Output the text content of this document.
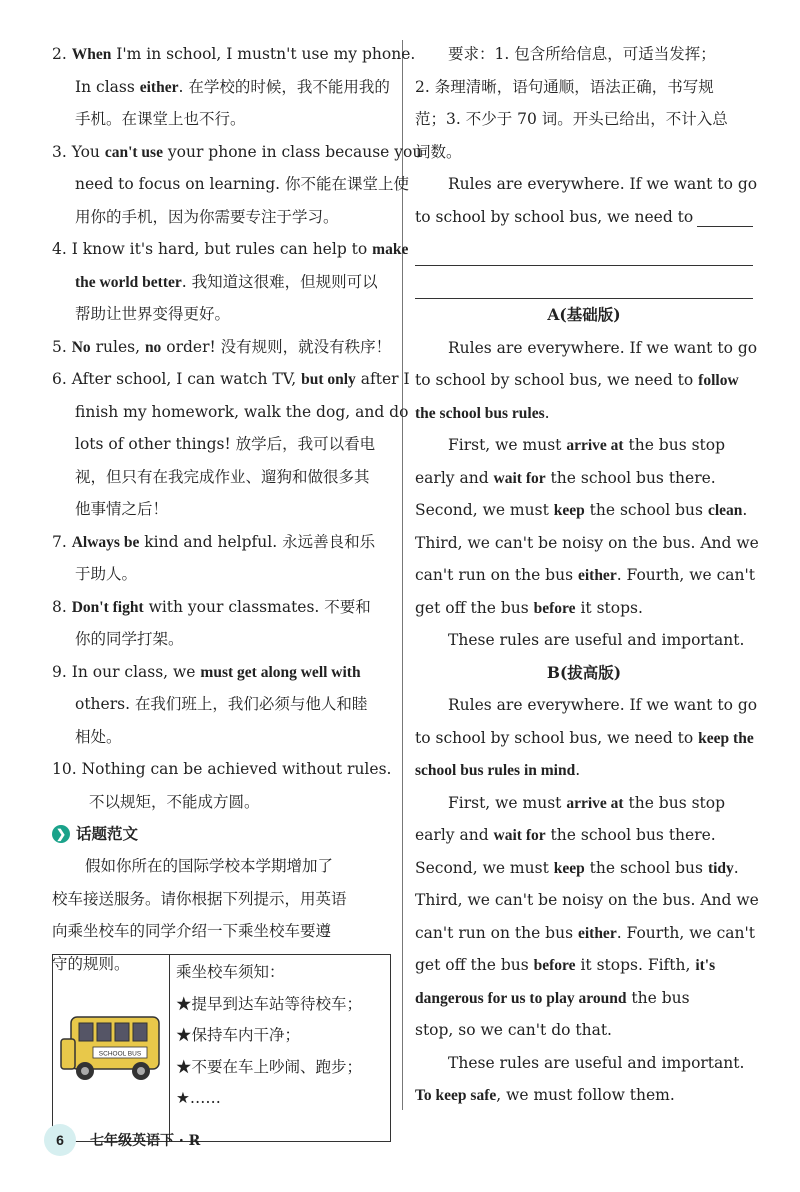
2. When I'm in school, I mustn't use my phone.
In class either. 在学校的时候，我不能用我的
手机。在课堂上也不行。
3. You can't use your phone in class because you
need to focus on learning. 你不能在课堂上使
用你的手机，因为你需要专注于学习。
4. I know it's hard, but rules can help to make
the world better. 我知道这很难，但规则可以
帮助让世界变得更好。
5. No rules, no order! 没有规则，就没有秩序！
6. After school, I can watch TV, but only after I
finish my homework, walk the dog, and do
lots of other things! 放学后，我可以看电
视，但只有在我完成作业、遛狗和做很多其
他事情之后！
7. Always be kind and helpful. 永远善良和乐
于助人。
8. Don't fight with your classmates. 不要和
你的同学打架。
9. In our class, we must get along well with
others. 在我们班上，我们必须与他人和睦
相处。
10. Nothing can be achieved without rules.
不以规矩，不能成方圆。
❯ 话题范文
假如你所在的国际学校本学期增加了
校车接送服务。请你根据下列提示，用英语
向乘坐校车的同学介绍一下乘坐校车要遵
守的规则。
SCHOOL BUS
乘坐校车须知：
★提早到达车站等待校车；
★保持车内干净；
★不要在车上吵闹、跑步；
★……
要求：1. 包含所给信息，可适当发挥；
2. 条理清晰，语句通顺，语法正确，书写规
范；3. 不少于 70 词。开头已给出，不计入总
词数。
Rules are everywhere. If we want to go
to school by school bus, we need to
A(基础版)
Rules are everywhere. If we want to go
to school by school bus, we need to follow
the school bus rules.
First, we must arrive at the bus stop
early and wait for the school bus there.
Second, we must keep the school bus clean.
Third, we can't be noisy on the bus. And we
can't run on the bus either. Fourth, we can't
get off the bus before it stops.
These rules are useful and important.
B(拔高版)
Rules are everywhere. If we want to go
to school by school bus, we need to keep the
school bus rules in mind.
First, we must arrive at the bus stop
early and wait for the school bus there.
Second, we must keep the school bus tidy.
Third, we can't be noisy on the bus. And we
can't run on the bus either. Fourth, we can't
get off the bus before it stops. Fifth, it's
dangerous for us to play around the bus
stop, so we can't do that.
These rules are useful and important.
To keep safe, we must follow them.
6	七年级英语下 · R
